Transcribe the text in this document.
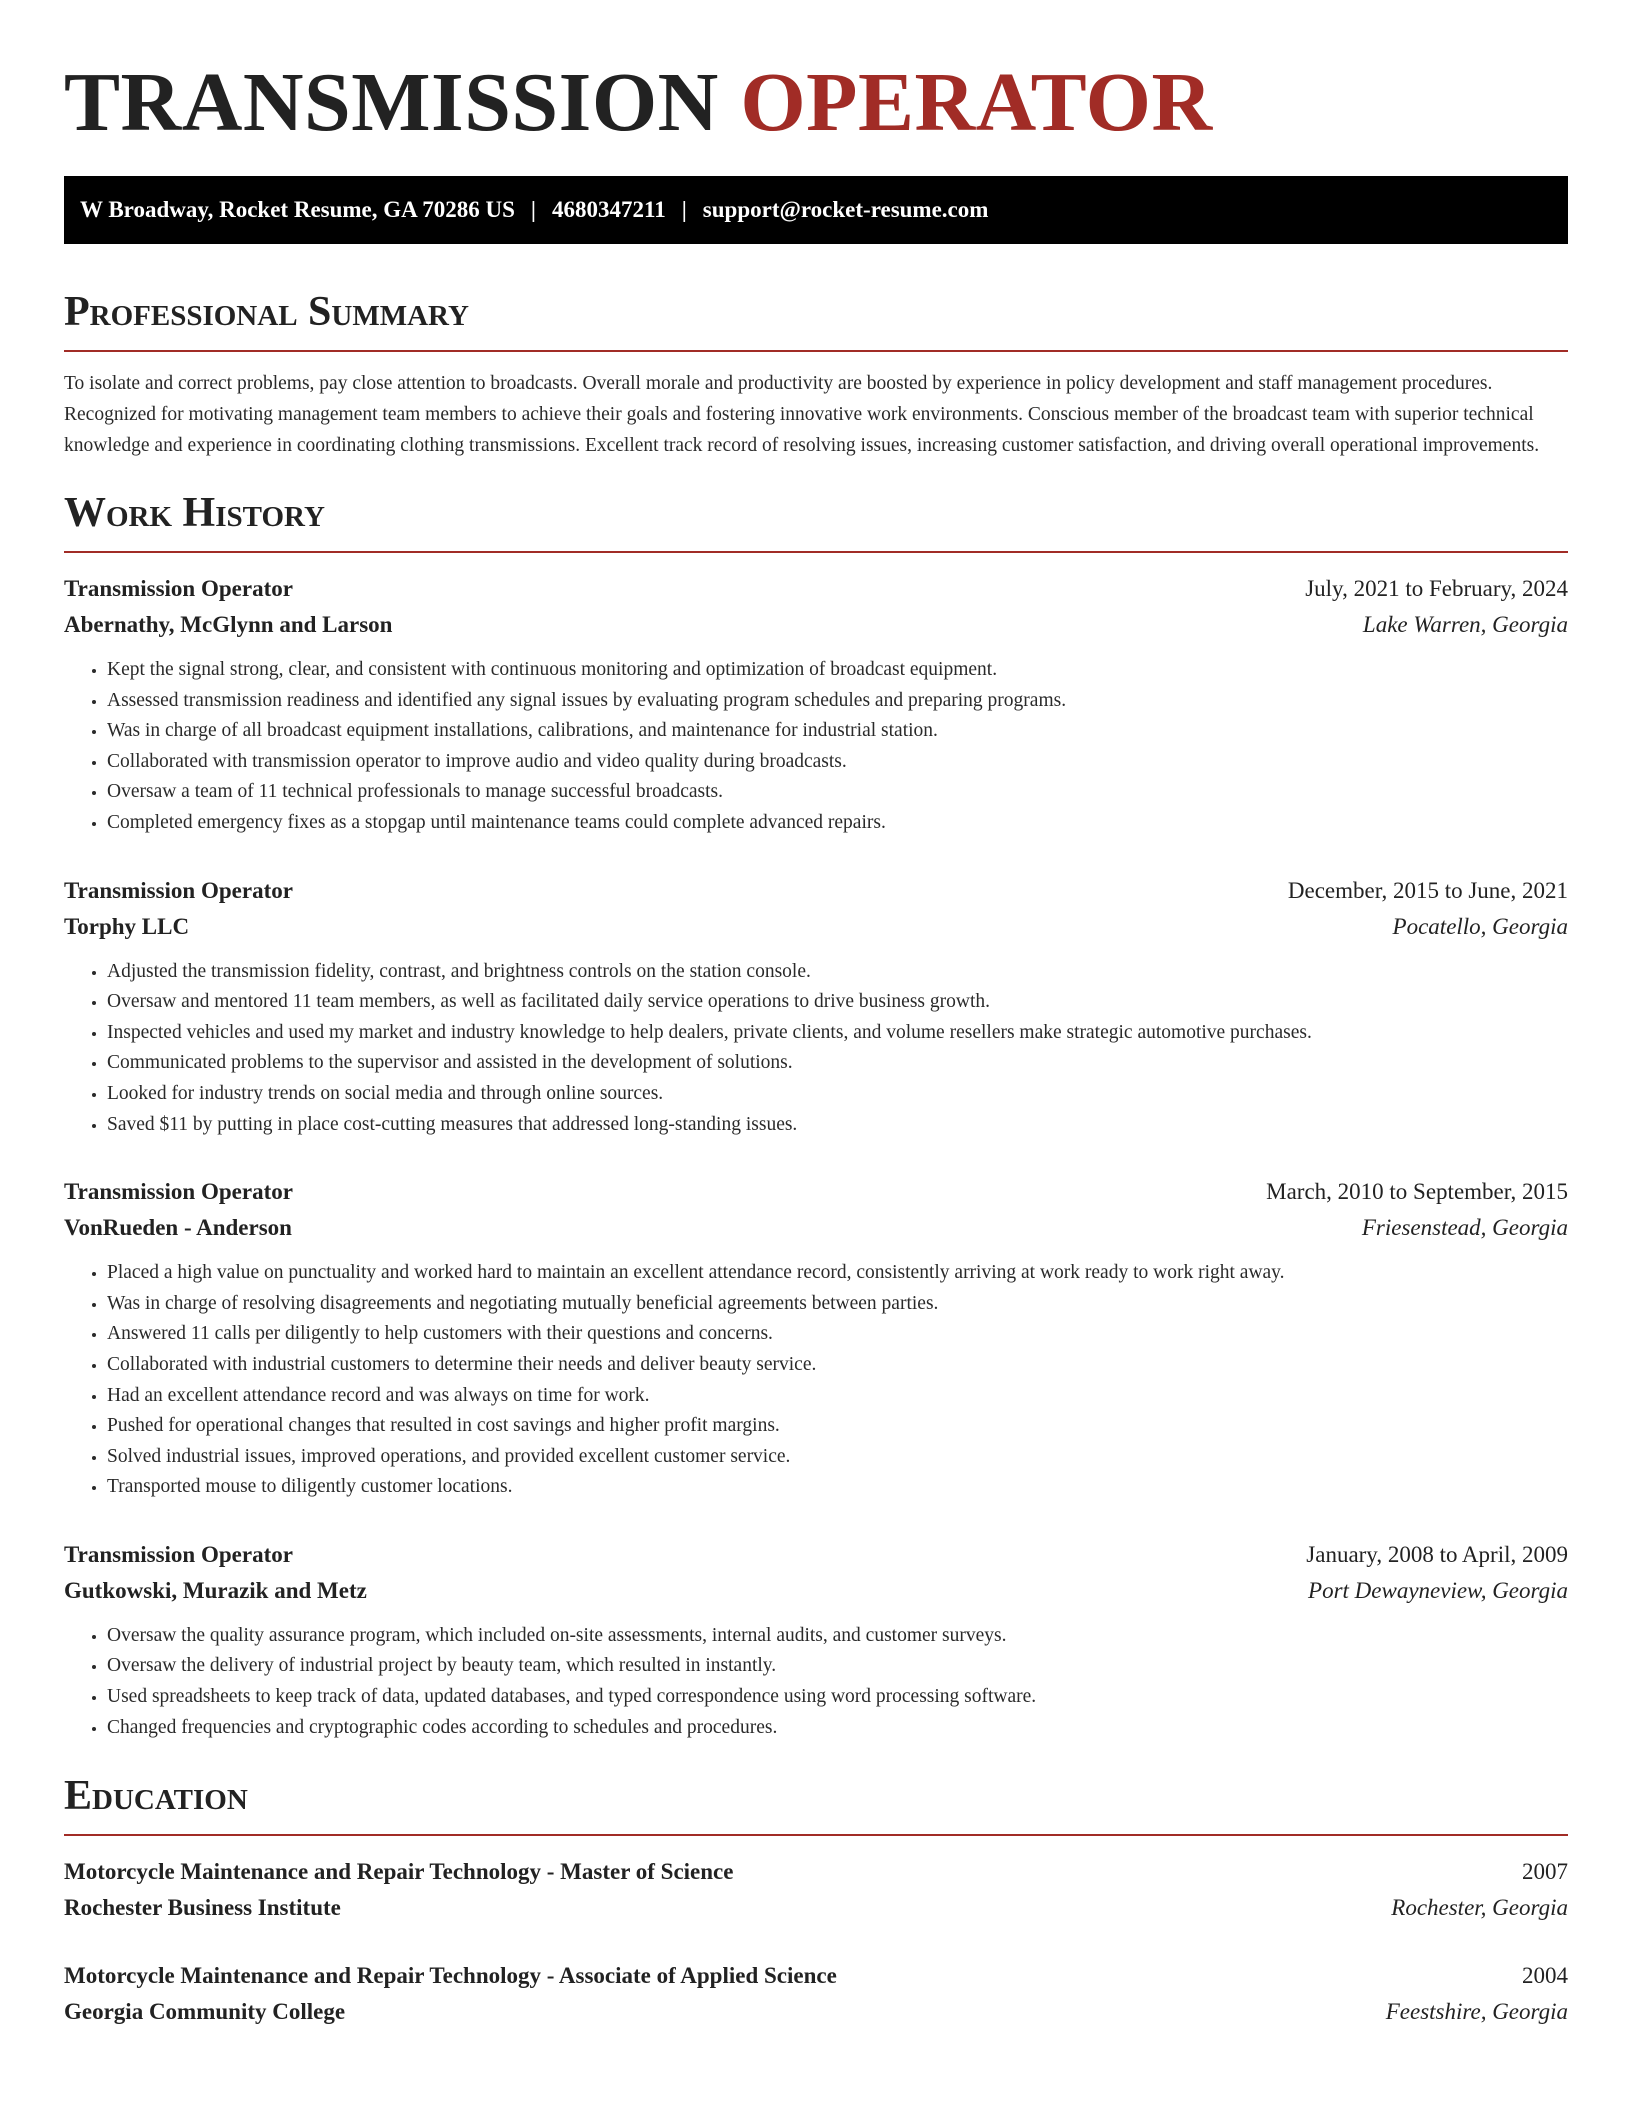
TRANSMISSION OPERATOR
W Broadway, Rocket Resume, GA 70286 US | 4680347211 | support@rocket-resume.com
Professional Summary

To isolate and correct problems, pay close attention to broadcasts. Overall morale and productivity are boosted by experience in policy development and staff management procedures. Recognized for motivating management team members to achieve their goals and fostering innovative work environments. Conscious member of the broadcast team with superior technical knowledge and experience in coordinating clothing transmissions. Excellent track record of resolving issues, increasing customer satisfaction, and driving overall operational improvements.

Work History
Transmission Operator	July, 2021 to February, 2024
Abernathy, McGlynn and Larson	Lake Warren, Georgia
• Kept the signal strong, clear, and consistent with continuous monitoring and optimization of broadcast equipment.
• Assessed transmission readiness and identified any signal issues by evaluating program schedules and preparing programs.
• Was in charge of all broadcast equipment installations, calibrations, and maintenance for industrial station.
• Collaborated with transmission operator to improve audio and video quality during broadcasts.
• Oversaw a team of 11 technical professionals to manage successful broadcasts.
• Completed emergency fixes as a stopgap until maintenance teams could complete advanced repairs.
Transmission Operator	December, 2015 to June, 2021
Torphy LLC	Pocatello, Georgia
• Adjusted the transmission fidelity, contrast, and brightness controls on the station console.
• Oversaw and mentored 11 team members, as well as facilitated daily service operations to drive business growth.
• Inspected vehicles and used my market and industry knowledge to help dealers, private clients, and volume resellers make strategic automotive purchases.
• Communicated problems to the supervisor and assisted in the development of solutions.
• Looked for industry trends on social media and through online sources.
• Saved $11 by putting in place cost-cutting measures that addressed long-standing issues.
Transmission Operator	March, 2010 to September, 2015
VonRueden - Anderson	Friesenstead, Georgia
• Placed a high value on punctuality and worked hard to maintain an excellent attendance record, consistently arriving at work ready to work right away.
• Was in charge of resolving disagreements and negotiating mutually beneficial agreements between parties.
• Answered 11 calls per diligently to help customers with their questions and concerns.
• Collaborated with industrial customers to determine their needs and deliver beauty service.
• Had an excellent attendance record and was always on time for work.
• Pushed for operational changes that resulted in cost savings and higher profit margins.
• Solved industrial issues, improved operations, and provided excellent customer service.
• Transported mouse to diligently customer locations.
Transmission Operator	January, 2008 to April, 2009
Gutkowski, Murazik and Metz	Port Dewayneview, Georgia
• Oversaw the quality assurance program, which included on-site assessments, internal audits, and customer surveys.
• Oversaw the delivery of industrial project by beauty team, which resulted in instantly.
• Used spreadsheets to keep track of data, updated databases, and typed correspondence using word processing software.
• Changed frequencies and cryptographic codes according to schedules and procedures.
Education
Motorcycle Maintenance and Repair Technology - Master of Science	2007
Rochester Business Institute	Rochester, Georgia
Motorcycle Maintenance and Repair Technology - Associate of Applied Science	2004
Georgia Community College	Feestshire, Georgia
